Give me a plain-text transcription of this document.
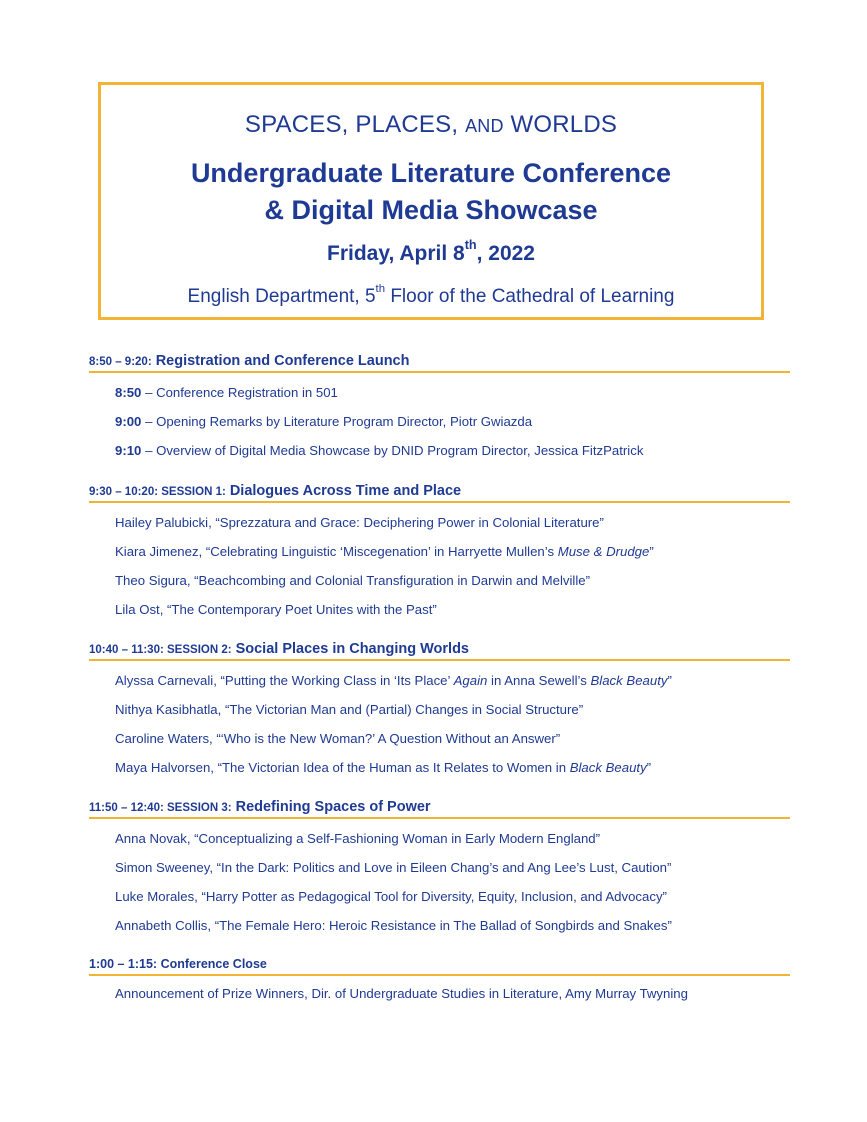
SPACES, PLACES, AND WORLDS
Undergraduate Literature Conference
& Digital Media Showcase
Friday, April 8th, 2022
English Department, 5th Floor of the Cathedral of Learning
8:50 – 9:20: Registration and Conference Launch
8:50 – Conference Registration in 501
9:00 – Opening Remarks by Literature Program Director, Piotr Gwiazda
9:10 – Overview of Digital Media Showcase by DNID Program Director, Jessica FitzPatrick
9:30 – 10:20: SESSION 1: Dialogues Across Time and Place
Hailey Palubicki, “Sprezzatura and Grace: Deciphering Power in Colonial Literature”
Kiara Jimenez, “Celebrating Linguistic ‘Miscegenation’ in Harryette Mullen’s Muse & Drudge”
Theo Sigura, “Beachcombing and Colonial Transfiguration in Darwin and Melville”
Lila Ost, “The Contemporary Poet Unites with the Past”
10:40 – 11:30: SESSION 2: Social Places in Changing Worlds
Alyssa Carnevali, “Putting the Working Class in ‘Its Place’ Again in Anna Sewell’s Black Beauty”
Nithya Kasibhatla, “The Victorian Man and (Partial) Changes in Social Structure”
Caroline Waters, “‘Who is the New Woman?’ A Question Without an Answer”
Maya Halvorsen, “The Victorian Idea of the Human as It Relates to Women in Black Beauty”
11:50 – 12:40: SESSION 3: Redefining Spaces of Power
Anna Novak, “Conceptualizing a Self-Fashioning Woman in Early Modern England”
Simon Sweeney, “In the Dark: Politics and Love in Eileen Chang’s and Ang Lee’s Lust, Caution”
Luke Morales, “Harry Potter as Pedagogical Tool for Diversity, Equity, Inclusion, and Advocacy”
Annabeth Collis, “The Female Hero: Heroic Resistance in The Ballad of Songbirds and Snakes”
1:00 – 1:15: Conference Close
Announcement of Prize Winners, Dir. of Undergraduate Studies in Literature, Amy Murray Twyning
